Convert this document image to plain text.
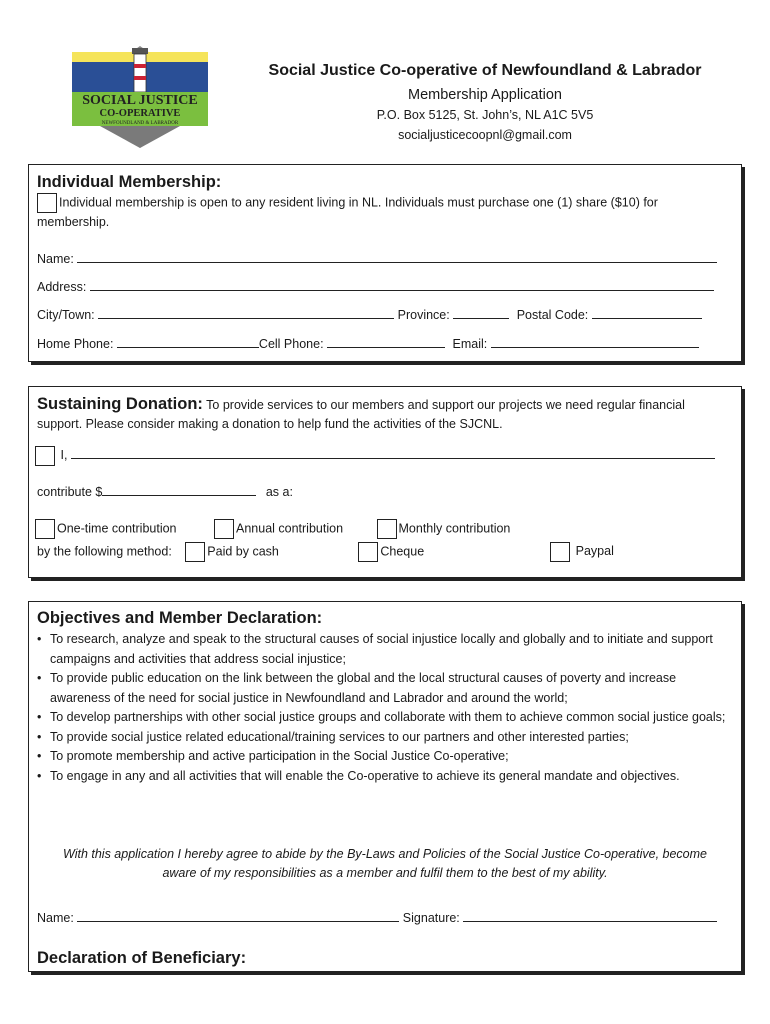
SOCIAL JUSTICE
CO-OPERATIVE
NEWFOUNDLAND & LABRADOR
Social Justice Co-operative of Newfoundland & Labrador
Membership Application
P.O. Box 5125, St. John’s, NL A1C 5V5
socialjusticecoopnl@gmail.com
Individual Membership:
Individual membership is open to any resident living in NL. Individuals must purchase one (1) share ($10) for membership.
Name:
Address:
City/Town:	Province:	Postal Code:
Home Phone:	Cell Phone:	Email:
Sustaining Donation: To provide services to our members and support our projects we need regular financial support. Please consider making a donation to help fund the activities of the SJCNL.
I,
contribute $	as a:
One-time contribution	Annual contribution	Monthly contribution
by the following method:	Paid by cash	Cheque	Paypal
Objectives and Member Declaration:
• To research, analyze and speak to the structural causes of social injustice locally and globally and to initiate and support campaigns and activities that address social injustice;
• To provide public education on the link between the global and the local structural causes of poverty and increase awareness of the need for social justice in Newfoundland and Labrador and around the world;
• To develop partnerships with other social justice groups and collaborate with them to achieve common social justice goals;
• To provide social justice related educational/training services to our partners and other interested parties;
• To promote membership and active participation in the Social Justice Co-operative;
• To engage in any and all activities that will enable the Co-operative to achieve its general mandate and objectives.
With this application I hereby agree to abide by the By-Laws and Policies of the Social Justice Co-operative, become aware of my responsibilities as a member and fulfil them to the best of my ability.
Name:	Signature:
Declaration of Beneficiary:
